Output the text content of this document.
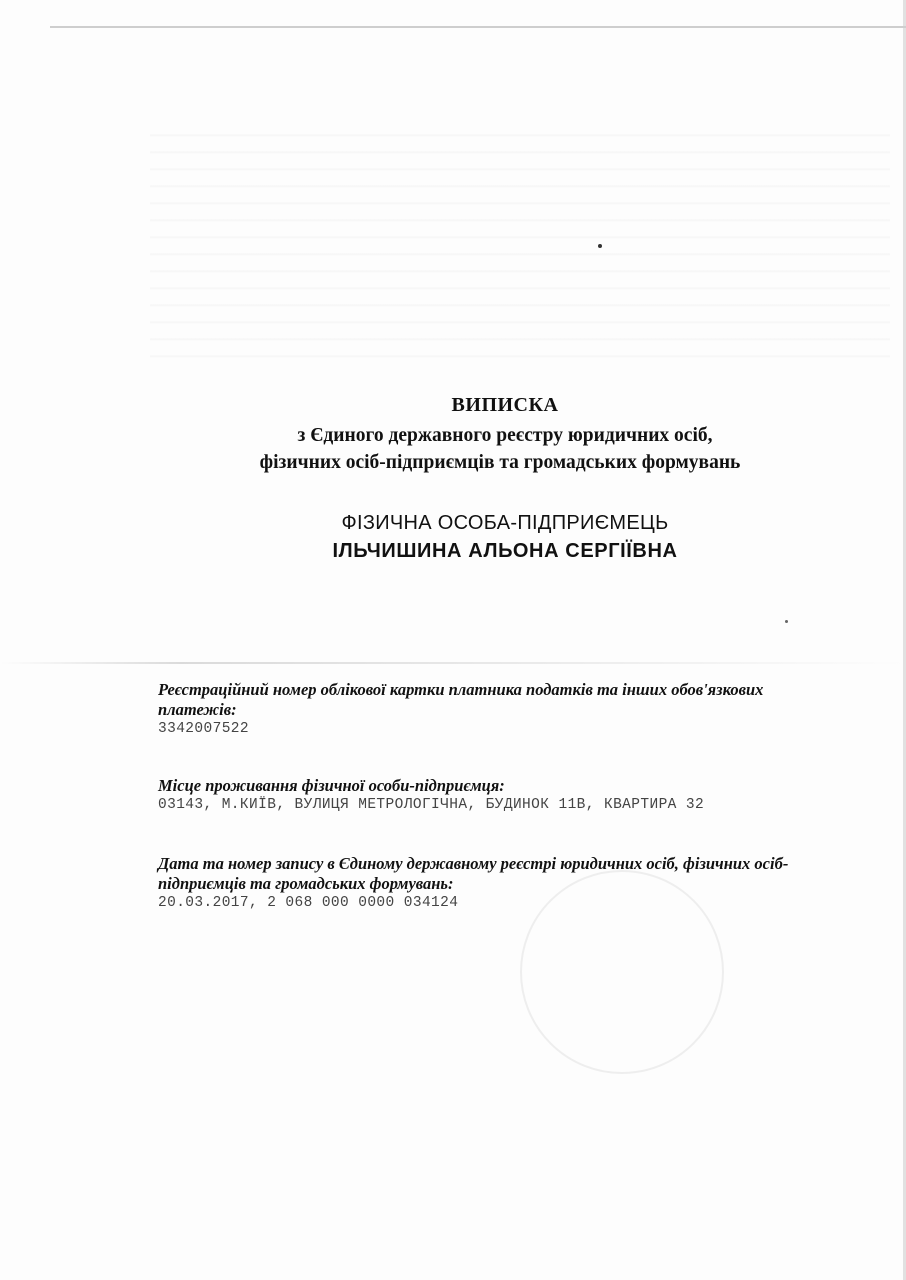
ВИПИСКА
з Єдиного державного реєстру юридичних осіб,
фізичних осіб-підприємців та громадських формувань
ФІЗИЧНА ОСОБА-ПІДПРИЄМЕЦЬ
ІЛЬЧИШИНА АЛЬОНА СЕРГІЇВНА
Реєстраційний номер облікової картки платника податків та інших обов'язкових платежів:
3342007522
Місце проживання фізичної особи-підприємця:
03143, М.КИЇВ, ВУЛИЦЯ МЕТРОЛОГІЧНА, БУДИНОК 11В, КВАРТИРА 32
Дата та номер запису в Єдиному державному реєстрі юридичних осіб, фізичних осіб-підприємців та громадських формувань:
20.03.2017, 2 068 000 0000 034124
